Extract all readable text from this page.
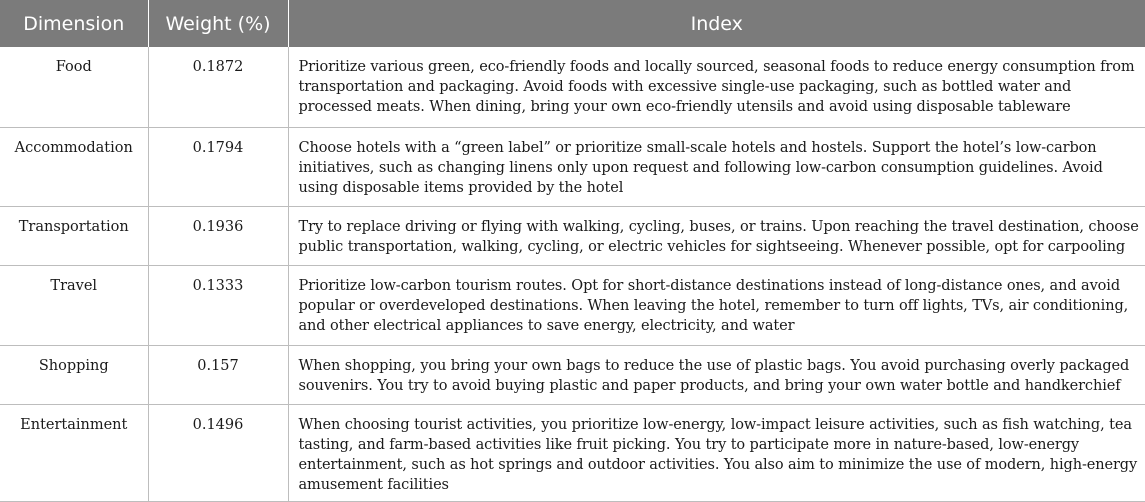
Dimension	Weight (%)	Index
Food	0.1872	Prioritize various green, eco-friendly foods and locally sourced, seasonal foods to reduce energy consumption from transportation and packaging. Avoid foods with excessive single-use packaging, such as bottled water and processed meats. When dining, bring your own eco-friendly utensils and avoid using disposable tableware
Accommodation	0.1794	Choose hotels with a “green label” or prioritize small-scale hotels and hostels. Support the hotel’s low-carbon initiatives, such as changing linens only upon request and following low-carbon consumption guidelines. Avoid using disposable items provided by the hotel
Transportation	0.1936	Try to replace driving or flying with walking, cycling, buses, or trains. Upon reaching the travel destination, choose public transportation, walking, cycling, or electric vehicles for sightseeing. Whenever possible, opt for carpooling
Travel	0.1333	Prioritize low-carbon tourism routes. Opt for short-distance destinations instead of long-distance ones, and avoid popular or overdeveloped destinations. When leaving the hotel, remember to turn off lights, TVs, air conditioning, and other electrical appliances to save energy, electricity, and water
Shopping	0.157	When shopping, you bring your own bags to reduce the use of plastic bags. You avoid purchasing overly packaged souvenirs. You try to avoid buying plastic and paper products, and bring your own water bottle and handkerchief
Entertainment	0.1496	When choosing tourist activities, you prioritize low-energy, low-impact leisure activities, such as fish watching, tea tasting, and farm-based activities like fruit picking. You try to participate more in nature-based, low-energy entertainment, such as hot springs and outdoor activities. You also aim to minimize the use of modern, high-energy amusement facilities
